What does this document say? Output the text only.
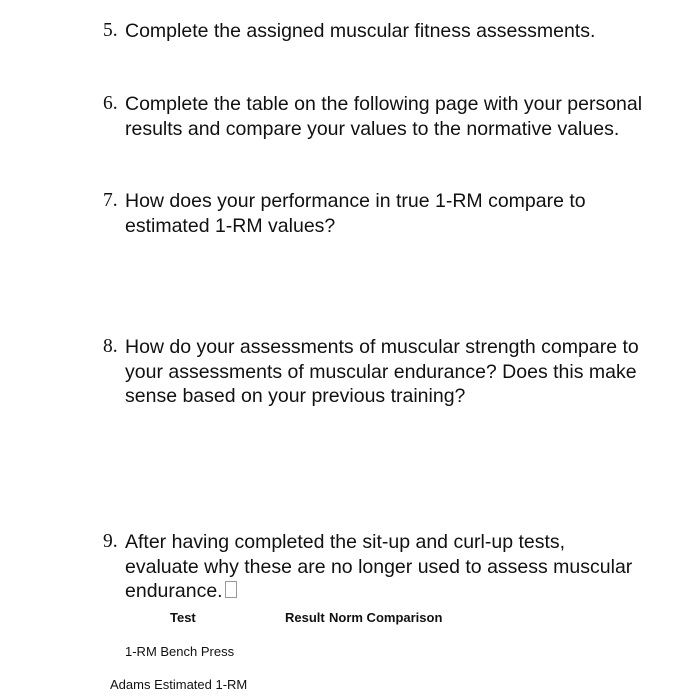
5. Complete the assigned muscular fitness assessments.
6. Complete the table on the following page with your personal results and compare your values to the normative values.
7. How does your performance in true 1-RM compare to estimated 1-RM values?
8. How do your assessments of muscular strength compare to your assessments of muscular endurance? Does this make sense based on your previous training?
9. After having completed the sit-up and curl-up tests, evaluate why these are no longer used to assess muscular endurance.
Test	Result Norm Comparison
1-RM Bench Press
Adams Estimated 1-RM
